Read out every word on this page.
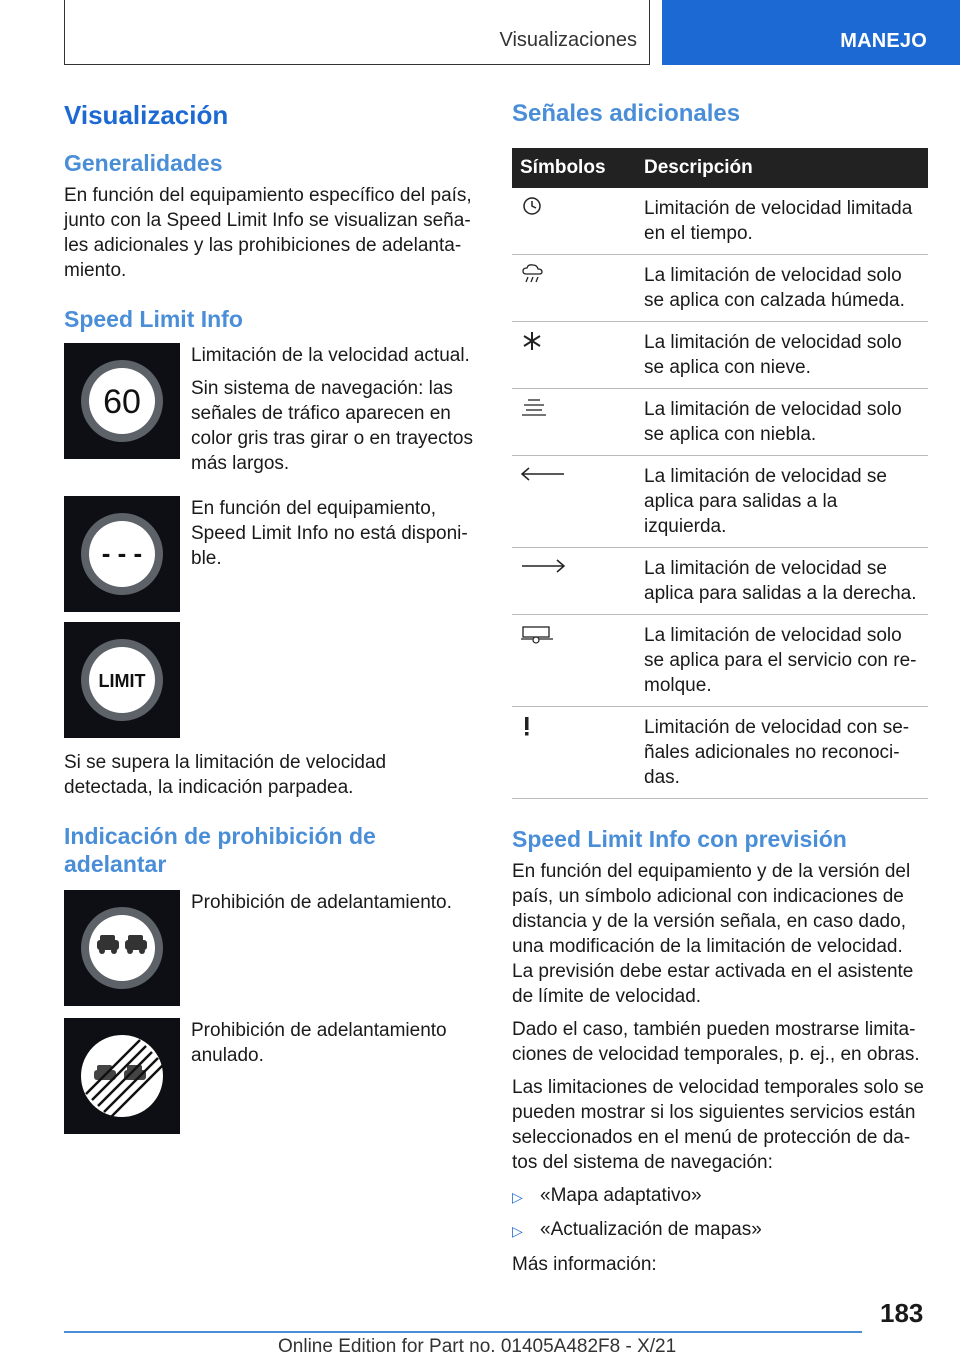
Visualizaciones	MANEJO
Visualización
Generalidades

En función del equipamiento específico del país, junto con la Speed Limit Info se visualizan señales adicionales y las prohibiciones de adelantamiento.

Speed Limit Info
60

Limitación de la velocidad actual.

Sin sistema de navegación: las señales de tráfico aparecen en color gris tras girar o en trayectos más largos.

- - -

En función del equipamiento, Speed Limit Info no está disponible.

LIMIT

Si se supera la limitación de velocidad detectada, la indicación parpadea.

Indicación de prohibición de adelantar

Prohibición de adelantamiento.

Prohibición de adelantamiento anulado.

Señales adicionales
Símbolos	Descripción
	Limitación de velocidad limitada en el tiempo.
	La limitación de velocidad solo se aplica con calzada húmeda.
	La limitación de velocidad solo se aplica con nieve.
	La limitación de velocidad solo se aplica con niebla.
	La limitación de velocidad se aplica para salidas a la izquierda.
	La limitación de velocidad se aplica para salidas a la derecha.
	La limitación de velocidad solo se aplica para el servicio con remolque.
	Limitación de velocidad con señales adicionales no reconocidas.
Speed Limit Info con previsión

En función del equipamiento y de la versión del país, un símbolo adicional con indicaciones de distancia y de la versión señala, en caso dado, una modificación de la limitación de velocidad. La previsión debe estar activada en el asistente de límite de velocidad.

Dado el caso, también pueden mostrarse limitaciones de velocidad temporales, p. ej., en obras.

Las limitaciones de velocidad temporales solo se pueden mostrar si los siguientes servicios están seleccionados en el menú de protección de datos del sistema de navegación:

▷ «Mapa adaptativo»
▷ «Actualización de mapas»

Más información:

183
Online Edition for Part no. 01405A482F8 - X/21
